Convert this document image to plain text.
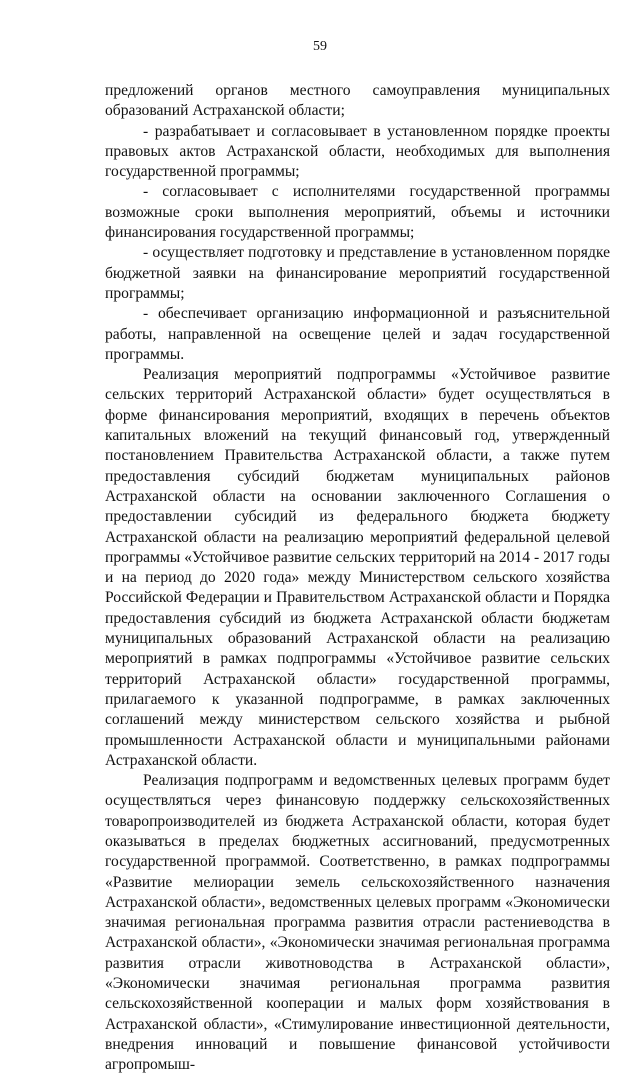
59

предложений органов местного самоуправления муниципальных образований Астраханской области;

- разрабатывает и согласовывает в установленном порядке проекты правовых актов Астраханской области, необходимых для выполнения государственной программы;

- согласовывает с исполнителями государственной программы возможные сроки выполнения мероприятий, объемы и источники финансирования государственной программы;

- осуществляет подготовку и представление в установленном порядке бюджетной заявки на финансирование мероприятий государственной программы;

- обеспечивает организацию информационной и разъяснительной работы, направленной на освещение целей и задач государственной программы.

Реализация мероприятий подпрограммы «Устойчивое развитие сельских территорий Астраханской области» будет осуществляться в форме финансирования мероприятий, входящих в перечень объектов капитальных вложений на текущий финансовый год, утвержденный постановлением Правительства Астраханской области, а также путем предоставления субсидий бюджетам муниципальных районов Астраханской области на основании заключенного Соглашения о предоставлении субсидий из федерального бюджета бюджету Астраханской области на реализацию мероприятий федеральной целевой программы «Устойчивое развитие сельских территорий на 2014 - 2017 годы и на период до 2020 года» между Министерством сельского хозяйства Российской Федерации и Правительством Астраханской области и Порядка предоставления субсидий из бюджета Астраханской области бюджетам муниципальных образований Астраханской области на реализацию мероприятий в рамках подпрограммы «Устойчивое развитие сельских территорий Астраханской области» государственной программы, прилагаемого к указанной подпрограмме, в рамках заключенных соглашений между министерством сельского хозяйства и рыбной промышленности Астраханской области и муниципальными районами Астраханской области.

Реализация подпрограмм и ведомственных целевых программ будет осуществляться через финансовую поддержку сельскохозяйственных товаропроизводителей из бюджета Астраханской области, которая будет оказываться в пределах бюджетных ассигнований, предусмотренных государственной программой. Соответственно, в рамках подпрограммы «Развитие мелиорации земель сельскохозяйственного назначения Астраханской области», ведомственных целевых программ «Экономически значимая региональная программа развития отрасли растениеводства в Астраханской области», «Экономически значимая региональная программа развития отрасли животноводства в Астраханской области», «Экономически значимая региональная программа развития сельскохозяйственной кооперации и малых форм хозяйствования в Астраханской области», «Стимулирование инвестиционной деятельности, внедрения инноваций и повышение финансовой устойчивости агропромыш-
